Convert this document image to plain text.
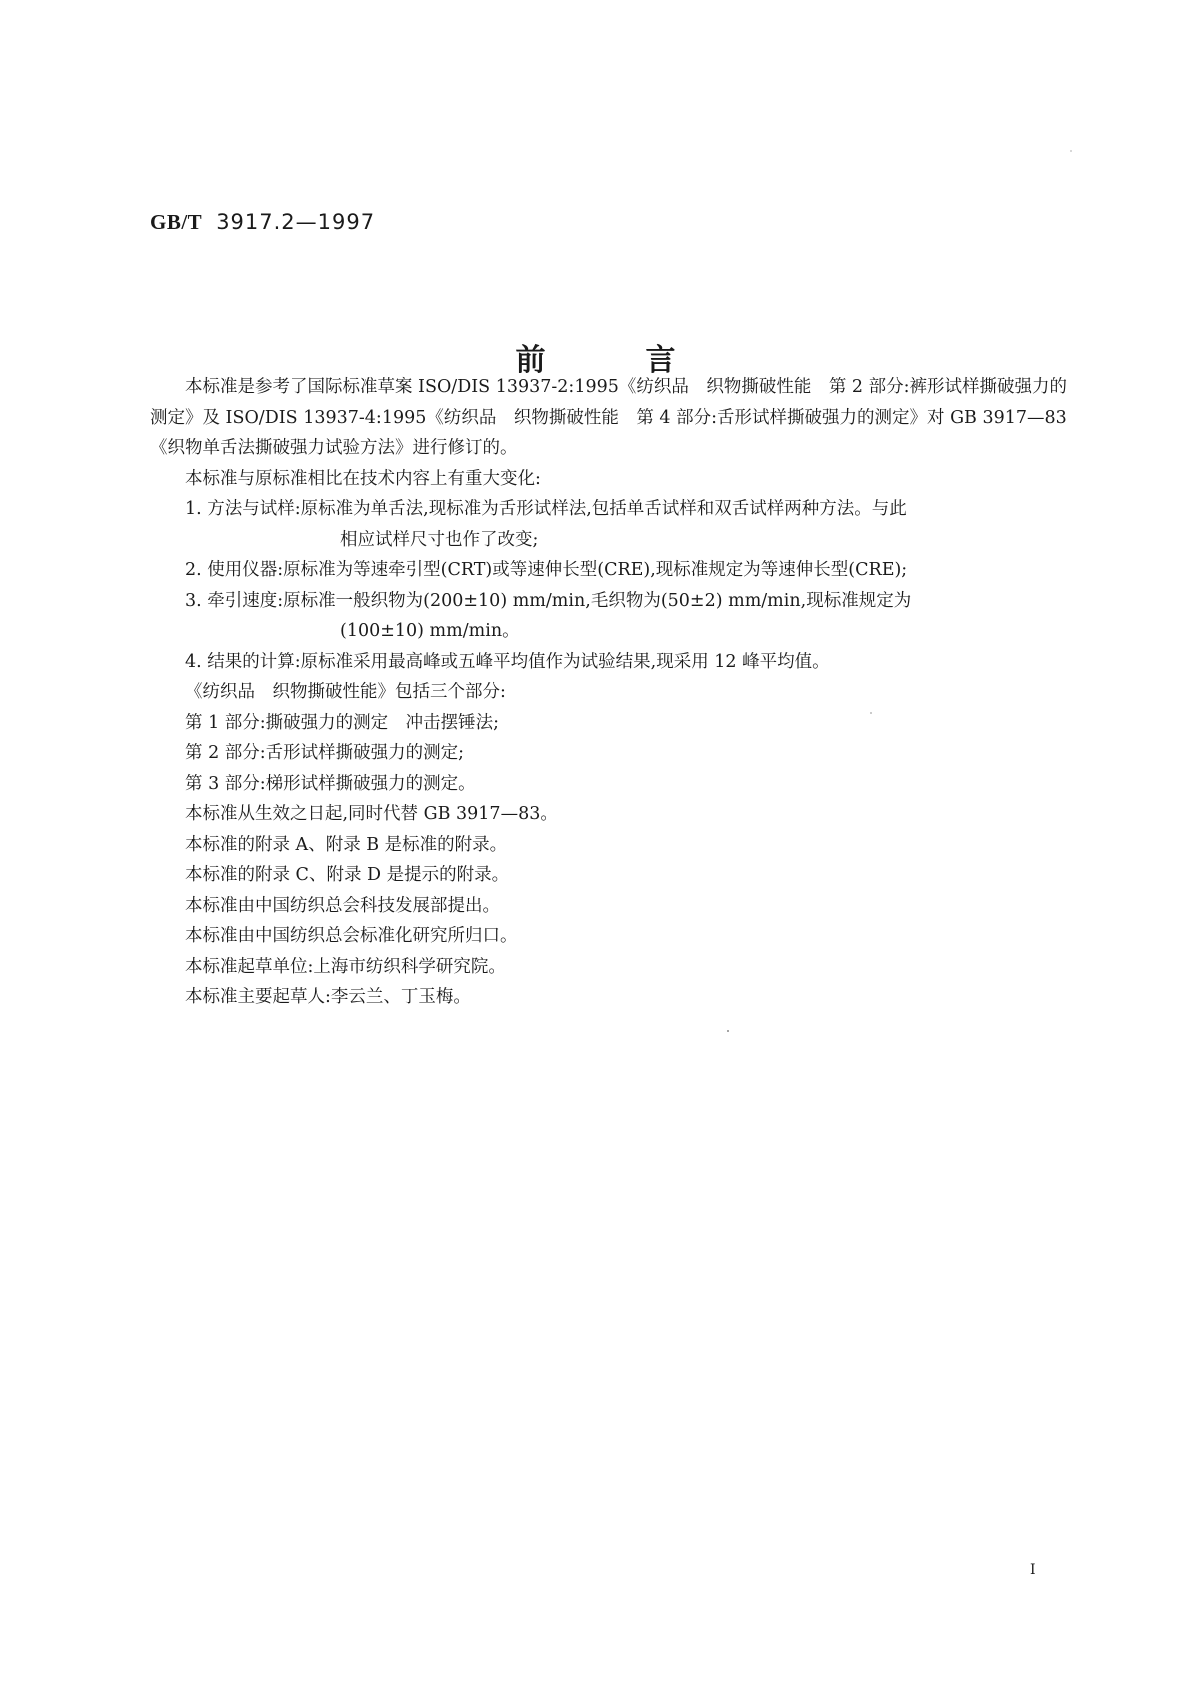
GB/T 3917.2—1997
前	言

本标准是参考了国际标准草案 ISO/DIS 13937-2:1995《纺织品　织物撕破性能　第 2 部分:裤形试样撕破强力的测定》及 ISO/DIS 13937-4:1995《纺织品　织物撕破性能　第 4 部分:舌形试样撕破强力的测定》对 GB 3917—83《织物单舌法撕破强力试验方法》进行修订的。

本标准与原标准相比在技术内容上有重大变化:

1. 方法与试样:原标准为单舌法,现标准为舌形试样法,包括单舌试样和双舌试样两种方法。与此
相应试样尺寸也作了改变;
2. 使用仪器:原标准为等速牵引型(CRT)或等速伸长型(CRE),现标准规定为等速伸长型(CRE);
3. 牵引速度:原标准一般织物为(200±10) mm/min,毛织物为(50±2) mm/min,现标准规定为
(100±10) mm/min。
4. 结果的计算:原标准采用最高峰或五峰平均值作为试验结果,现采用 12 峰平均值。

《纺织品　织物撕破性能》包括三个部分:

第 1 部分:撕破强力的测定　冲击摆锤法;

第 2 部分:舌形试样撕破强力的测定;

第 3 部分:梯形试样撕破强力的测定。

本标准从生效之日起,同时代替 GB 3917—83。

本标准的附录 A、附录 B 是标准的附录。

本标准的附录 C、附录 D 是提示的附录。

本标准由中国纺织总会科技发展部提出。

本标准由中国纺织总会标准化研究所归口。

本标准起草单位:上海市纺织科学研究院。

本标准主要起草人:李云兰、丁玉梅。

I
